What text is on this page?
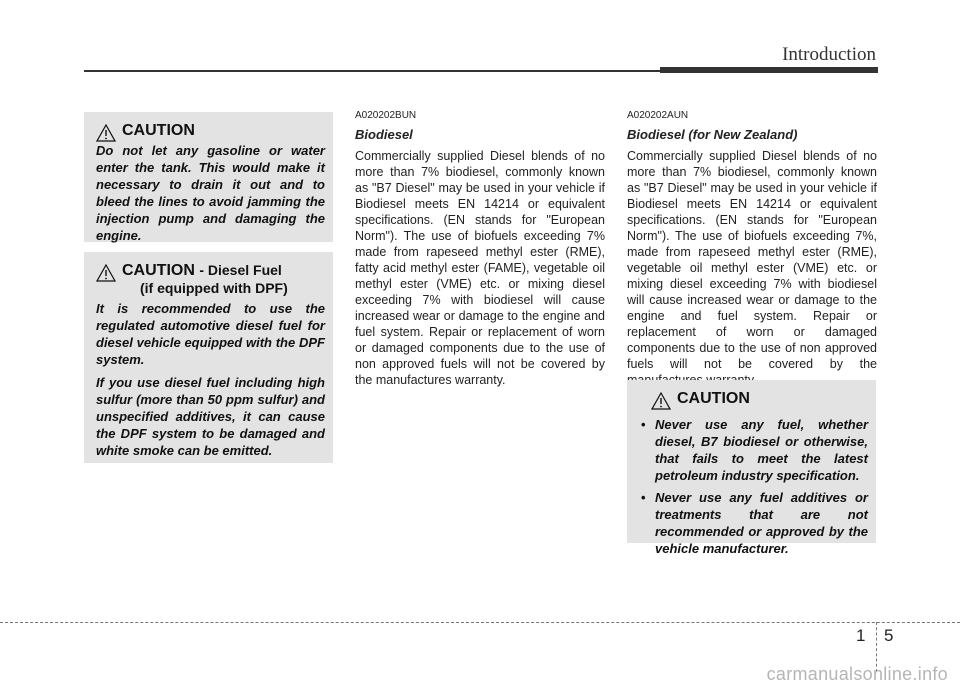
Introduction
CAUTION

Do not let any gasoline or water enter the tank. This would make it necessary to drain it out and to bleed the lines to avoid jamming the injection pump and damaging the engine.

CAUTION - Diesel Fuel
(if equipped with DPF)

It is recommended to use the regulated automotive diesel fuel for diesel vehicle equipped with the DPF system.

If you use diesel fuel including high sulfur (more than 50 ppm sulfur) and unspecified additives, it can cause the DPF system to be damaged and white smoke can be emitted.

A020202BUN
Biodiesel

Commercially supplied Diesel blends of no more than 7% biodiesel, commonly known as "B7 Diesel" may be used in your vehicle if Biodiesel meets EN 14214 or equivalent specifications. (EN stands for "European Norm"). The use of biofuels exceeding 7% made from rapeseed methyl ester (RME), fatty acid methyl ester (FAME), vegetable oil methyl ester (VME) etc. or mixing diesel exceeding 7% with biodiesel will cause increased wear or damage to the engine and fuel system. Repair or replacement of worn or damaged components due to the use of non approved fuels will not be covered by the manufactures warranty.

A020202AUN
Biodiesel (for New Zealand)

Commercially supplied Diesel blends of no more than 7% biodiesel, commonly known as "B7 Diesel" may be used in your vehicle if Biodiesel meets EN 14214 or equivalent specifications. (EN stands for "European Norm"). The use of biofuels exceeding 7%, made from rapeseed methyl ester (RME), vegetable oil methyl ester (VME) etc. or mixing diesel exceeding 7% with biodiesel will cause increased wear or damage to the engine and fuel system. Repair or replacement of worn or damaged components due to the use of non approved fuels will not be covered by the

CAUTION
• Never use any fuel, whether diesel, B7 biodiesel or otherwise, that fails to meet the latest petroleum industry specification.
• Never use any fuel additives or treatments that are not recommended or approved by the vehicle manufacturer.
1 5
carmanualsonline.info
